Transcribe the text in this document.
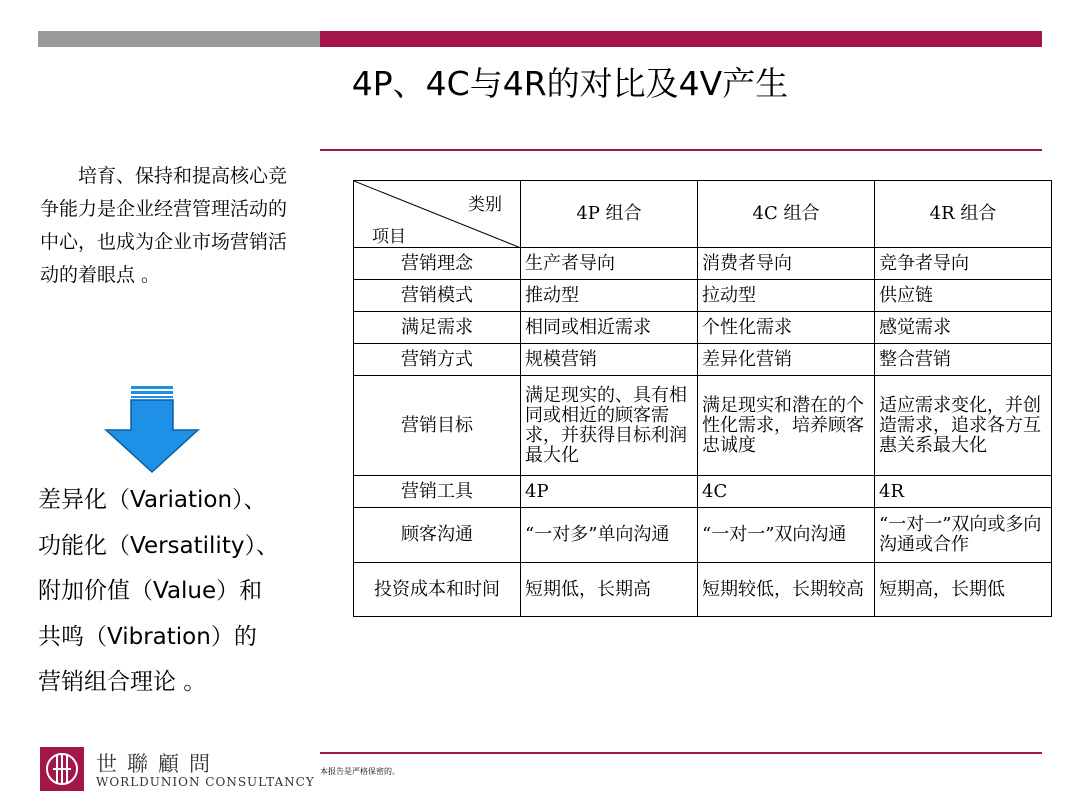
4P、4C与4R的对比及4V产生

培育、保持和提高核心竞争能力是企业经营管理活动的中心，也成为企业市场营销活动的着眼点 。

差异化（Variation）、
功能化（Versatility）、
附加价值（Value）和
共鸣（Vibration）的
营销组合理论 。
类别
项目	4P 组合	4C 组合	4R 组合
营销理念	生产者导向	消费者导向	竞争者导向
营销模式	推动型	拉动型	供应链
满足需求	相同或相近需求	个性化需求	感觉需求
营销方式	规模营销	差异化营销	整合营销
营销目标	满足现实的、具有相同或相近的顾客需求，并获得目标利润最大化	满足现实和潜在的个性化需求，培养顾客忠诚度	适应需求变化，并创造需求，追求各方互惠关系最大化
营销工具	4P	4C	4R
顾客沟通	“一对多”单向沟通	“一对一”双向沟通	“一对一”双向或多向沟通或合作
投资成本和时间	短期低，长期高	短期较低，长期较高	短期高，长期低
世聯顧問
WORLDUNION CONSULTANCY
本报告是严格保密的。
